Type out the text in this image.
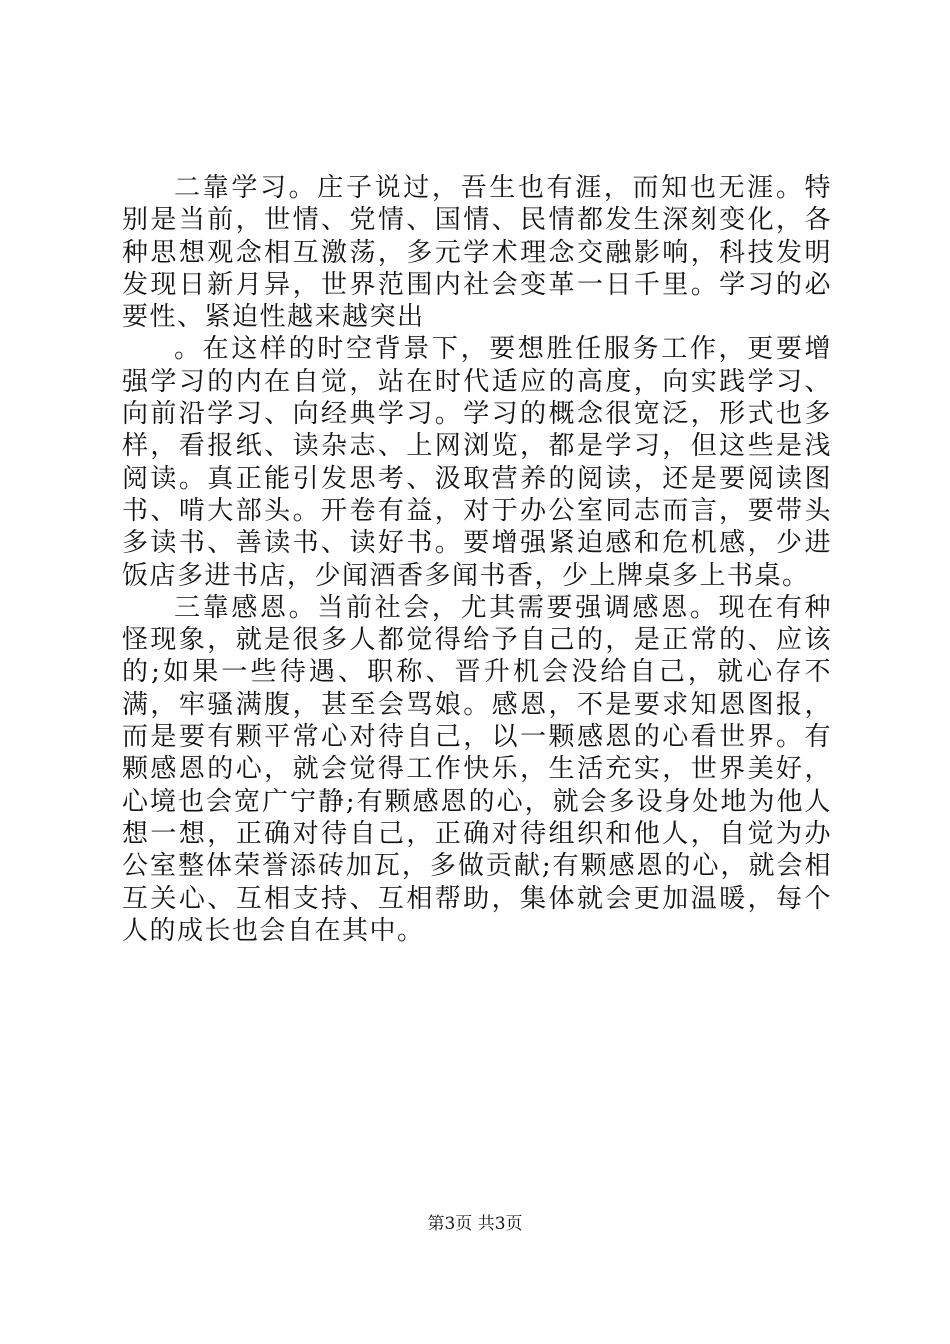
二靠学习。庄子说过，吾生也有涯，而知也无涯。特别是当前，世情、党情、国情、民情都发生深刻变化，各种思想观念相互激荡，多元学术理念交融影响，科技发明发现日新月异，世界范围内社会变革一日千里。学习的必要性、紧迫性越来越突出

。在这样的时空背景下，要想胜任服务工作，更要增强学习的内在自觉，站在时代适应的高度，向实践学习、向前沿学习、向经典学习。学习的概念很宽泛，形式也多样，看报纸、读杂志、上网浏览，都是学习，但这些是浅阅读。真正能引发思考、汲取营养的阅读，还是要阅读图书、啃大部头。开卷有益，对于办公室同志而言，要带头多读书、善读书、读好书。要增强紧迫感和危机感，少进饭店多进书店，少闻酒香多闻书香，少上牌桌多上书桌。

三靠感恩。当前社会，尤其需要强调感恩。现在有种怪现象，就是很多人都觉得给予自己的，是正常的、应该的;如果一些待遇、职称、晋升机会没给自己，就心存不满，牢骚满腹，甚至会骂娘。感恩，不是要求知恩图报，而是要有颗平常心对待自己，以一颗感恩的心看世界。有颗感恩的心，就会觉得工作快乐，生活充实，世界美好，心境也会宽广宁静;有颗感恩的心，就会多设身处地为他人想一想，正确对待自己，正确对待组织和他人，自觉为办公室整体荣誉添砖加瓦，多做贡献;有颗感恩的心，就会相互关心、互相支持、互相帮助，集体就会更加温暖，每个人的成长也会自在其中。

第3页 共3页
